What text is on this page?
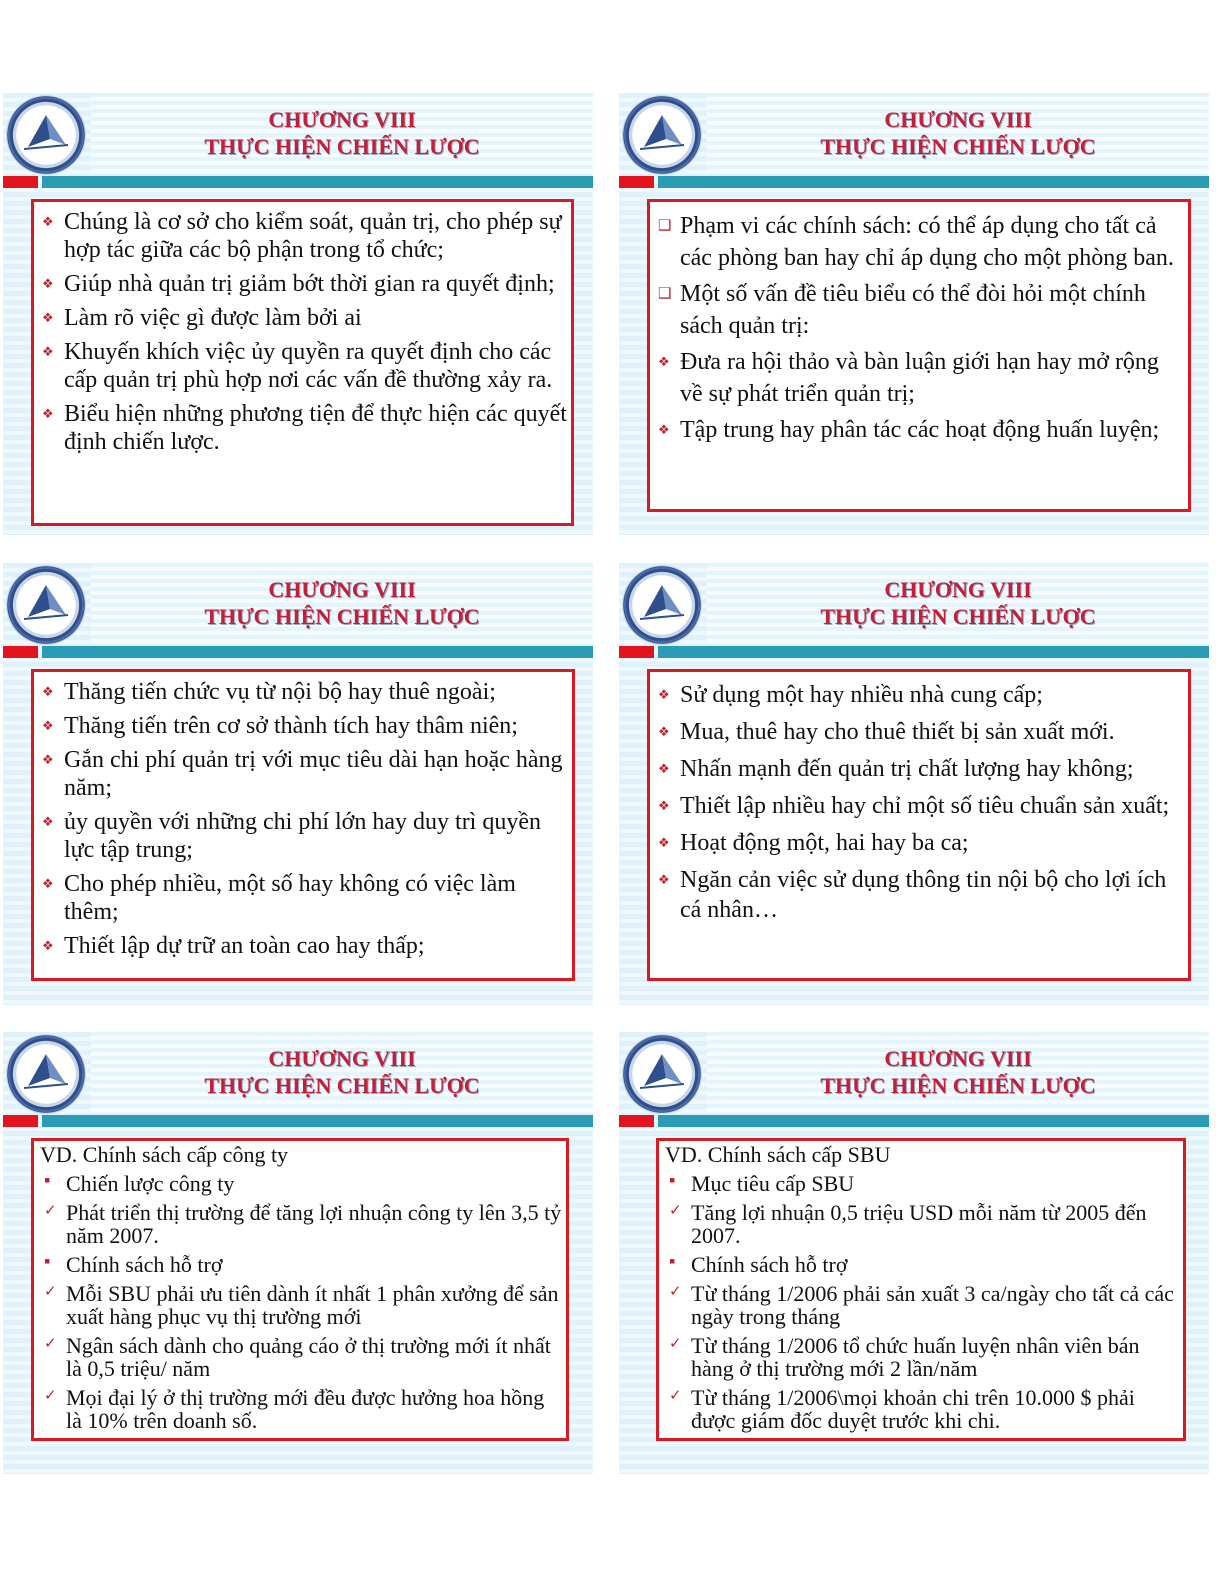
CHƯƠNG VIII
THỰC HIỆN CHIẾN LƯỢC
❖ Chúng là cơ sở cho kiểm soát, quản trị, cho phép sự hợp tác giữa các bộ phận trong tổ chức;
❖ Giúp nhà quản trị giảm bớt thời gian ra quyết định;
❖ Làm rõ việc gì được làm bởi ai
❖ Khuyến khích việc ủy quyền ra quyết định cho các cấp quản trị phù hợp nơi các vấn đề thường xảy ra.
❖ Biểu hiện những phương tiện để thực hiện các quyết định chiến lược.
CHƯƠNG VIII
THỰC HIỆN CHIẾN LƯỢC
❑ Phạm vi các chính sách: có thể áp dụng cho tất cả các phòng ban hay chỉ áp dụng cho một phòng ban.
❑ Một số vấn đề tiêu biểu có thể đòi hỏi một chính sách quản trị:
❖ Đưa ra hội thảo và bàn luận giới hạn hay mở rộng về sự phát triển quản trị;
❖ Tập trung hay phân tác các hoạt động huấn luyện;
CHƯƠNG VIII
THỰC HIỆN CHIẾN LƯỢC
❖ Thăng tiến chức vụ từ nội bộ hay thuê ngoài;
❖ Thăng tiến trên cơ sở thành tích hay thâm niên;
❖ Gắn chi phí quản trị với mục tiêu dài hạn hoặc hàng năm;
❖ ủy quyền với những chi phí lớn hay duy trì quyền lực tập trung;
❖ Cho phép nhiều, một số hay không có việc làm thêm;
❖ Thiết lập dự trữ an toàn cao hay thấp;
CHƯƠNG VIII
THỰC HIỆN CHIẾN LƯỢC
❖ Sử dụng một hay nhiều nhà cung cấp;
❖ Mua, thuê hay cho thuê thiết bị sản xuất mới.
❖ Nhấn mạnh đến quản trị chất lượng hay không;
❖ Thiết lập nhiều hay chỉ một số tiêu chuẩn sản xuất;
❖ Hoạt động một, hai hay ba ca;
❖ Ngăn cản việc sử dụng thông tin nội bộ cho lợi ích cá nhân…
CHƯƠNG VIII
THỰC HIỆN CHIẾN LƯỢC
VD. Chính sách cấp công ty
▪ Chiến lược công ty
✓ Phát triển thị trường để tăng lợi nhuận công ty lên 3,5 tỷ năm 2007.
▪ Chính sách hỗ trợ
✓ Mỗi SBU phải ưu tiên dành ít nhất 1 phân xưởng để sản xuất hàng phục vụ thị trường mới
✓ Ngân sách dành cho quảng cáo ở thị trường mới ít nhất là 0,5 triệu/ năm
✓ Mọi đại lý ở thị trường mới đều được hưởng hoa hồng là 10% trên doanh số.
CHƯƠNG VIII
THỰC HIỆN CHIẾN LƯỢC
VD. Chính sách cấp SBU
▪ Mục tiêu cấp SBU
✓ Tăng lợi nhuận 0,5 triệu USD mỗi năm từ 2005 đến 2007.
▪ Chính sách hỗ trợ
✓ Từ tháng 1/2006 phải sản xuất 3 ca/ngày cho tất cả các ngày trong tháng
✓ Từ tháng 1/2006 tổ chức huấn luyện nhân viên bán hàng ở thị trường mới 2 lần/năm
✓ Từ tháng 1/2006\mọi khoản chi trên 10.000 $ phải được giám đốc duyệt trước khi chi.
